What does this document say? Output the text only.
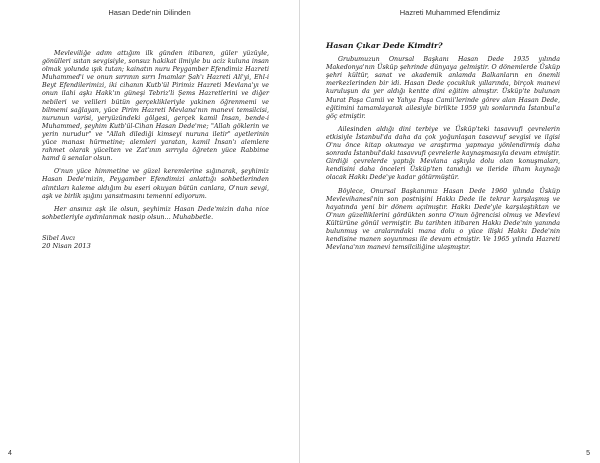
Hasan Dede'nin Dilinden

Mevleviliğe adım attığım ilk günden itibaren, güler yüzüyle, gönülleri ısıtan sevgisiyle, sonsuz hakikat ilmiyle bu aciz kuluna insan olmak yolunda ışık tutan; kainatın nuru Peygamber Efendimiz Hazreti Muhammed'i ve onun sırrının sırrı İmamlar Şah'ı Hazreti Ali'yi, Ehl-i Beyt Efendilerimizi, iki cihanın Kutb'ül Pirimiz Hazreti Mevlana'yı ve onun ilahi aşkı Hakk'ın güneşi Tebriz'li Şems Hazretlerini ve diğer nebileri ve velileri bütün gerçeklikleriyle yakinen öğrenmemi ve bilmemi sağlayan, yüce Pirim Hazreti Mevlana'nın manevi temsilcisi, nurunun varisi, yeryüzündeki gölgesi, gerçek kamil İnsan, bende-i Muhammed, şeyhim Kutb'ül-Cihan Hasan Dede'me; "Allah göklerin ve yerin nurudur" ve "Allah dilediği kimseyi nuruna iletir" ayetlerinin yüce manası hürmetine; alemleri yaratan, kamil İnsan'ı alemlere rahmet olarak yücelten ve Zat'ının sırrıyla öğreten yüce Rabbime hamd ü senalar olsun.

O'nun yüce himmetine ve güzel keremlerine sığınarak, şeyhimiz Hasan Dede'mizin, Peygamber Efendimizi anlattığı sohbetlerinden alıntıları kaleme aldığım bu eseri okuyan bütün canlara, O'nun sevgi, aşk ve birlik ışığını yansıtmasını temenni ediyorum.

Her ansınız aşk ile olsun, şeyhimiz Hasan Dede'mizin daha nice sohbetleriyle aydınlanmak nasip olsun… Muhabbetle.

Sibel Avcı
20 Nisan 2013
4
Hazreti Muhammed Efendimiz

Hasan Çıkar Dede Kimdir?

Grubumuzun Onursal Başkanı Hasan Dede 1935 yılında Makedonya'nın Üsküp şehrinde dünyaya gelmiştir. O dönemlerde Üsküp şehri kültür, sanat ve akademik anlamda Balkanların en önemli merkezlerinden bir idi. Hasan Dede çocukluk yıllarında, birçok manevi kuruluşun da yer aldığı kentte dini eğitim almıştır. Üsküp'te bulunan Murat Paşa Camii ve Yahya Paşa Camii'lerinde görev alan Hasan Dede, eğitimini tamamlayarak ailesiyle birlikte 1959 yılı sonlarında İstanbul'a göç etmiştir.

Ailesinden aldığı dini terbiye ve Üsküp'teki tasavvufi çevrelerin etkisiyle İstanbul'da daha da çok yoğunlaşan tasavvuf sevgisi ve ilgisi O'nu önce kitap okumaya ve araştırma yapmaya yönlendirmiş daha sonrada İstanbul'daki tasavvufi çevrelerle kaynaşmasıyla devam etmiştir. Girdiği çevrelerde yaptığı Mevlana aşkıyla dolu olan konuşmaları, kendisini daha önceleri Üsküp'ten tanıdığı ve ileride ilham kaynağı olacak Hakkı Dede'ye kadar götürmüştür.

Böylece, Onursal Başkanımız Hasan Dede 1960 yılında Üsküp Mevlevihanesi'nin son postnişini Hakkı Dede ile tekrar karşılaşmış ve hayatında yeni bir dönem açılmıştır. Hakkı Dede'yle karşılaştıktan ve O'nun güzelliklerini gördükten sonra O'nun öğrencisi olmuş ve Mevlevi Kültürüne gönül vermiştir. Bu tarihten itibaren Hakkı Dede'nin yanında bulunmuş ve aralarındaki mana dolu o yüce ilişki Hakkı Dede'nin kendisine manen soyunması ile devam etmiştir. Ve 1965 yılında Hazreti Mevlana'nın manevi temsilciliğine ulaşmıştır.

5
